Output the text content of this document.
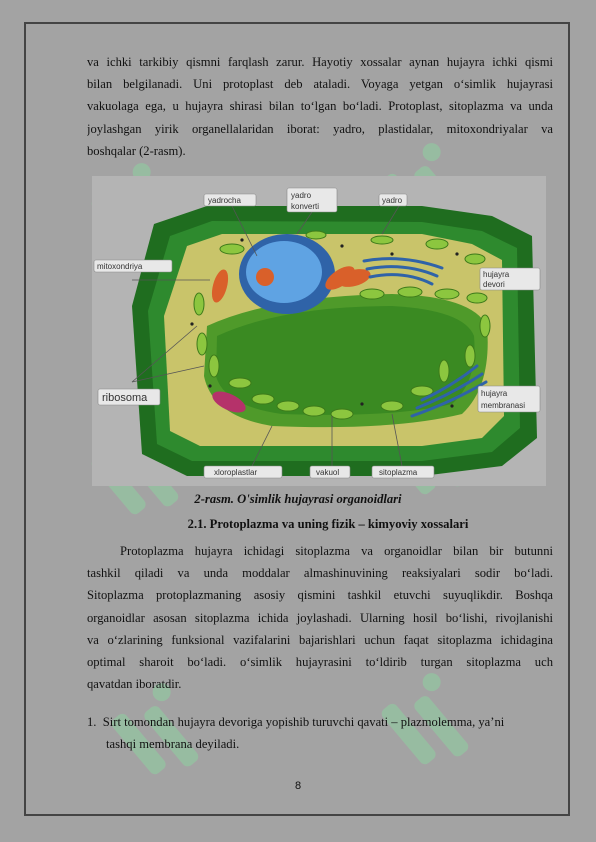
va ichki tarkibiy qismni farqlash zarur. Hayotiy xossalar aynan hujayra ichki qismi
bilan belgilanadi. Uni protoplast deb ataladi. Voyaga yetgan o‘simlik hujayrasi
vakuolaga ega, u hujayra shirasi bilan to‘lgan bo‘ladi. Protoplast, sitoplazma va unda
joylashgan yirik organellalaridan iborat: yadro, plastidalar, mitoxondriyalar va
boshqalar (2-rasm).
yadrocha
yadro
konverti
yadro
mitoxondriya
hujayra
devori
ribosoma	hujayra
membranasi
xloroplastlar	vakuol	sitoplazma
2-rasm. O'simlik hujayrasi organoidlari
2.1. Protoplazma va uning fizik – kimyoviy xossalari
Protoplazma hujayra ichidagi sitoplazma va organoidlar bilan bir butunni
tashkil qiladi va unda moddalar almashinuvining reaksiyalari sodir bo‘ladi.
Sitoplazma protoplazmaning asosiy qismini tashkil etuvchi suyuqlikdir. Boshqa
organoidlar asosan sitoplazma ichida joylashadi. Ularning hosil bo‘lishi, rivojlanishi
va o‘zlarining funksional vazifalarini bajarishlari uchun faqat sitoplazma ichidagina
optimal sharoit bo‘ladi. o‘simlik hujayrasini to‘ldirib turgan sitoplazma uch
qavatdan iboratdir.
1. Sirt tomondan hujayra devoriga yopishib turuvchi qavati – plazmolemma, ya’ni
tashqi membrana deyiladi.
8
